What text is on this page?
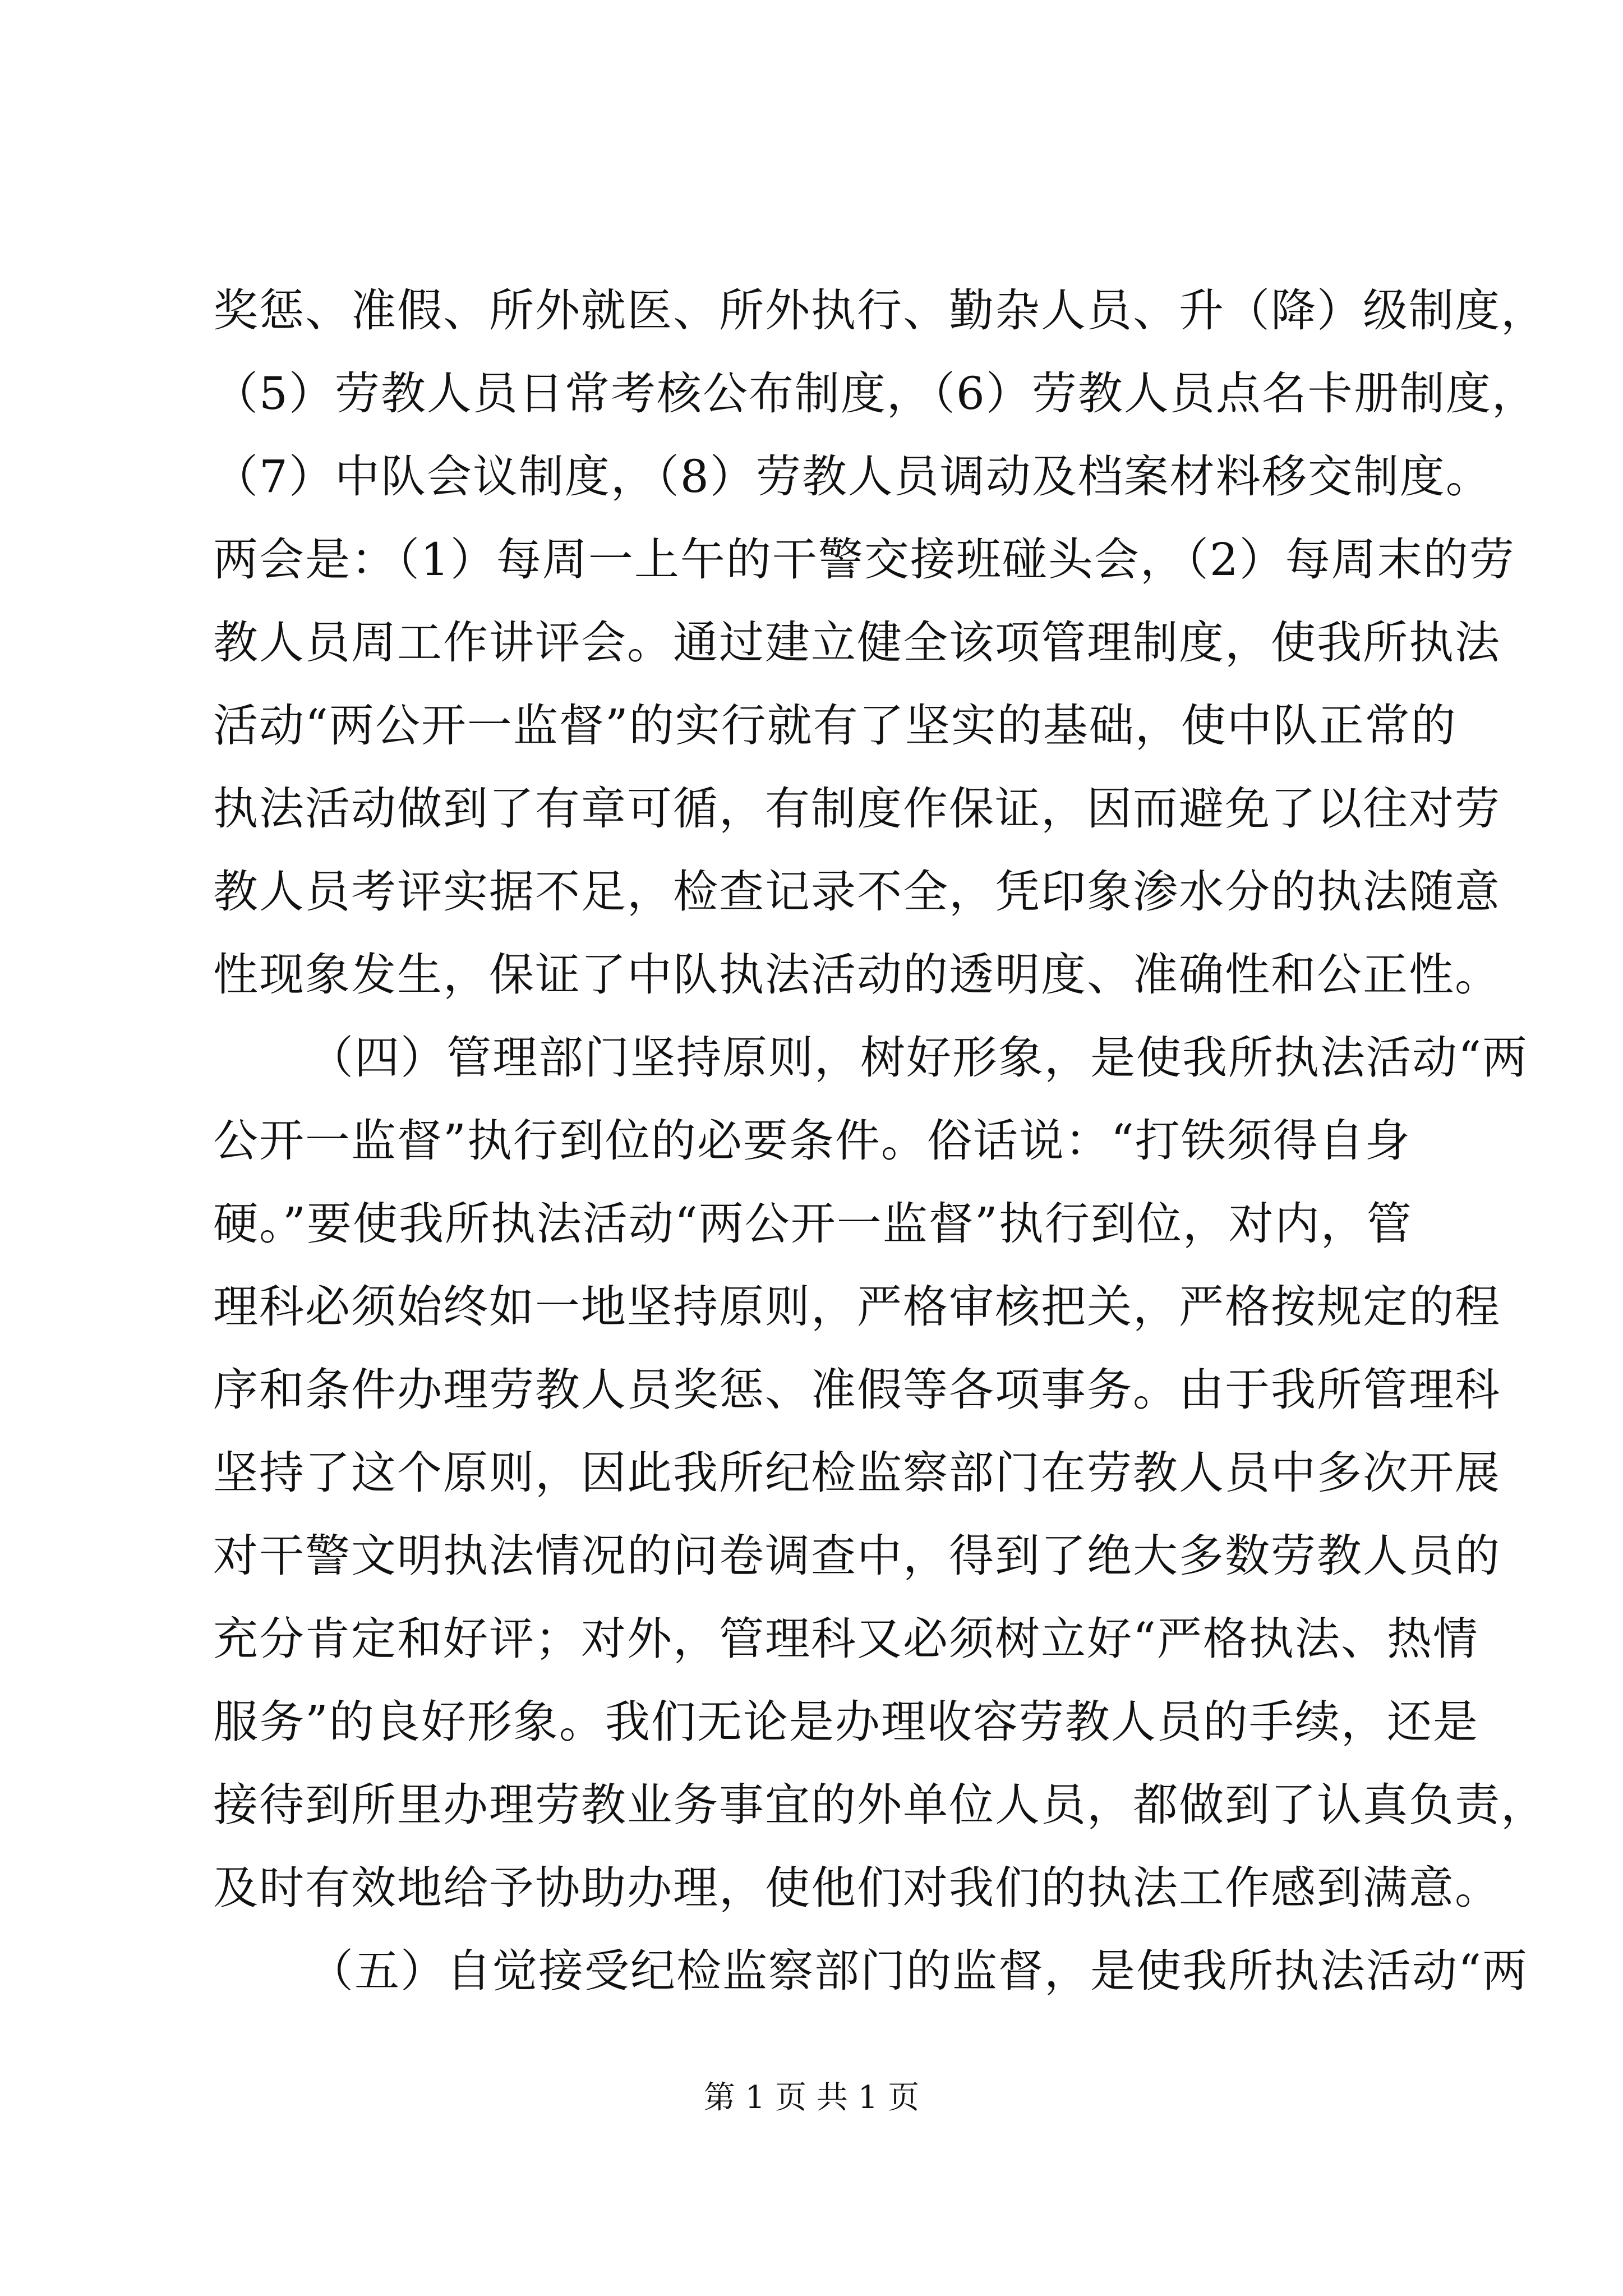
奖惩、准假、所外就医、所外执行、勤杂人员、升（降）级制度，
（5）劳教人员日常考核公布制度，（6）劳教人员点名卡册制度，
（7）中队会议制度，（8）劳教人员调动及档案材料移交制度。
两会是：（1）每周一上午的干警交接班碰头会，（2）每周末的劳
教人员周工作讲评会。通过建立健全该项管理制度，使我所执法
活动“两公开一监督”的实行就有了坚实的基础，使中队正常的
执法活动做到了有章可循，有制度作保证，因而避免了以往对劳
教人员考评实据不足，检查记录不全，凭印象渗水分的执法随意
性现象发生，保证了中队执法活动的透明度、准确性和公正性。
（四）管理部门坚持原则，树好形象，是使我所执法活动“两
公开一监督”执行到位的必要条件。俗话说：“打铁须得自身
硬。”要使我所执法活动“两公开一监督”执行到位，对内，管
理科必须始终如一地坚持原则，严格审核把关，严格按规定的程
序和条件办理劳教人员奖惩、准假等各项事务。由于我所管理科
坚持了这个原则，因此我所纪检监察部门在劳教人员中多次开展
对干警文明执法情况的问卷调查中，得到了绝大多数劳教人员的
充分肯定和好评；对外，管理科又必须树立好“严格执法、热情
服务”的良好形象。我们无论是办理收容劳教人员的手续，还是
接待到所里办理劳教业务事宜的外单位人员，都做到了认真负责，
及时有效地给予协助办理，使他们对我们的执法工作感到满意。
（五）自觉接受纪检监察部门的监督，是使我所执法活动“两
第 1 页 共 1 页
